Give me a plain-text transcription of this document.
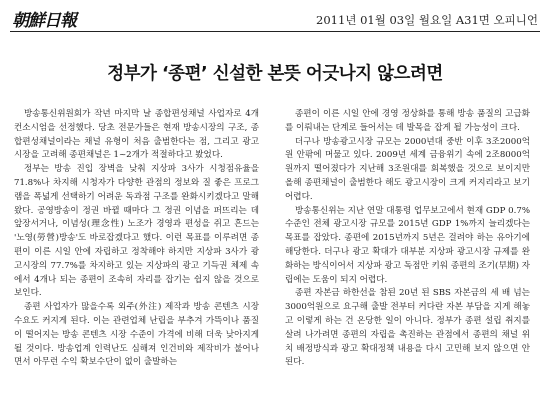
朝鮮日報	2011년 01월 03일 월요일 A31면 오피니언
정부가 ‘종편’ 신설한 본뜻 어긋나지 않으려면

방송통신위원회가 작년 마지막 날 종합편성채널 사업자로 4개 컨소시엄을 선정했다. 당초 전문가들은 현재 방송시장의 구조, 종합편성채널이라는 채널 유형이 처음 출범한다는 점, 그리고 광고시장을 고려해 종편채널은 1~2개가 적절하다고 봤었다.

정부는 방송 진입 장벽을 낮춰 지상파 3사가 시청점유율을 71.8%나 차지해 시청자가 다양한 관점의 정보와 질 좋은 프로그램을 폭넓게 선택하기 어려운 독과점 구조를 완화시키겠다고 말해 왔다. 공영방송이 정권 바뀔 때마다 그 정권 이념을 퍼뜨리는 데 앞장서거나, 이념성(理念性) 노조가 경영과 편성을 쥐고 흔드는 '노영(勞營)방송'도 바로잡겠다고 했다. 이런 목표를 이루려면 종편이 이른 시일 안에 자립하고 정착해야 하지만 지상파 3사가 광고시장의 77.7%를 차지하고 있는 지상파의 광고 기득권 체제 속에서 4개나 되는 종편이 조속히 자리를 잡기는 쉽지 않을 것으로 보인다.

종편 사업자가 많을수록 외주(外注) 제작과 방송 콘텐츠 시장 수요도 커지게 된다. 이는 관련업체 난립을 부추겨 가뜩이나 품질이 떨어지는 방송 콘텐츠 시장 수준이 가격에 비해 더욱 낮아지게 될 것이다. 방송업계 인력난도 심해져 인건비와 제작비가 불어나면서 아무런 수익 확보수단이 없이 출발하는

종편이 이른 시일 안에 경영 정상화를 통해 방송 품질의 고급화를 이뤄내는 단계로 들어서는 데 발목을 잡게 될 가능성이 크다.

더구나 방송광고시장 규모는 2000년대 중반 이후 3조2000억원 안팎에 머물고 있다. 2009년 세계 금융위기 속에 2조8000억원까지 떨어졌다가 지난해 3조원대를 회복했을 것으로 보이지만 올해 종편채널이 출범한다 해도 광고시장이 크게 커지리라고 보기 어렵다.

방송통신위는 지난 연말 대통령 업무보고에서 현재 GDP 0.7% 수준인 전체 광고시장 규모를 2015년 GDP 1%까지 늘리겠다는 목표를 잡았다. 종편에 2015년까지 5년은 걸려야 하는 유아기에 해당한다. 더구나 광고 확대가 대부분 지상파 광고시장 규제를 완화하는 방식이어서 지상파 광고 독점만 키워 종편의 조기(早期) 자립에는 도움이 되지 어렵다.

종편 자본금 하한선을 참된 20년 된 SBS 자본금의 세 배 넘는 3000억원으로 요구해 출발 전부터 커다란 자본 부담을 지게 해놓고 이렇게 하는 건 온당한 일이 아니다. 정부가 종편 설립 취지를 살려 나가려면 종편의 자립을 촉진하는 관점에서 종편의 채널 위치 배정방식과 광고 확대정책 내용을 다시 고민해 보지 않으면 안 된다.
